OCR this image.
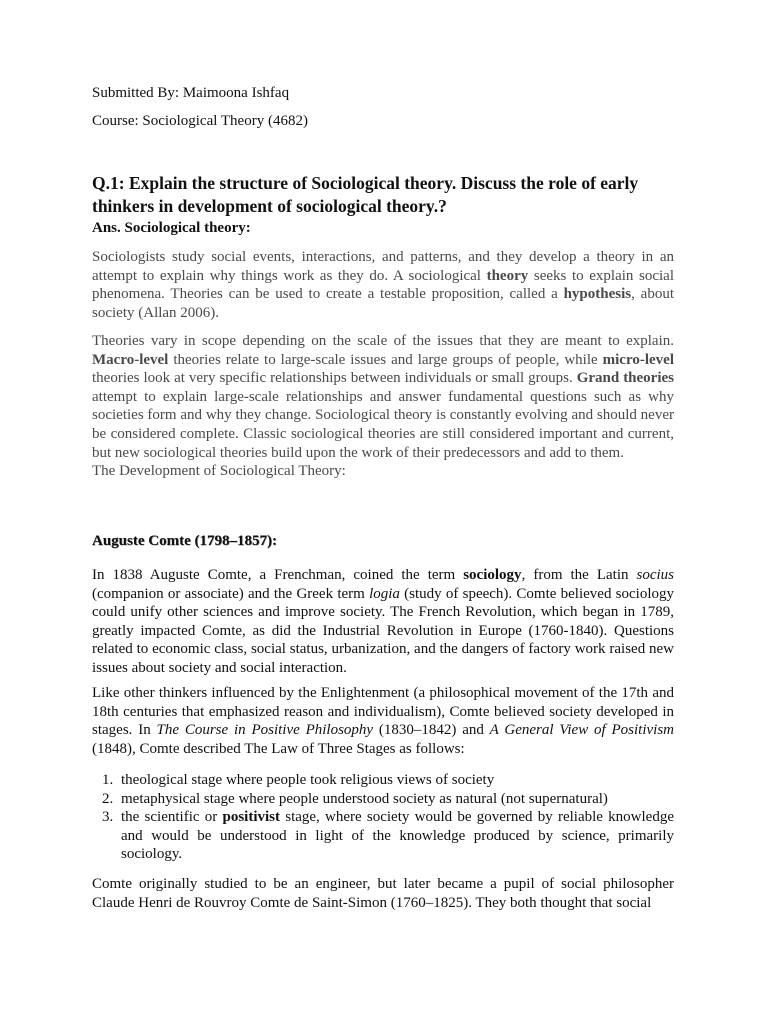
Submitted By: Maimoona Ishfaq
Course: Sociological Theory (4682)
Q.1: Explain the structure of Sociological theory. Discuss the role of early thinkers in development of sociological theory.?
Ans. Sociological theory:
Sociologists study social events, interactions, and patterns, and they develop a theory in an attempt to explain why things work as they do. A sociological theory seeks to explain social phenomena. Theories can be used to create a testable proposition, called a hypothesis, about society (Allan 2006).
Theories vary in scope depending on the scale of the issues that they are meant to explain. Macro-level theories relate to large-scale issues and large groups of people, while micro-level theories look at very specific relationships between individuals or small groups. Grand theories attempt to explain large-scale relationships and answer fundamental questions such as why societies form and why they change. Sociological theory is constantly evolving and should never be considered complete. Classic sociological theories are still considered important and current, but new sociological theories build upon the work of their predecessors and add to them.
The Development of Sociological Theory:
Auguste Comte (1798–1857):
In 1838 Auguste Comte, a Frenchman, coined the term sociology, from the Latin socius (companion or associate) and the Greek term logia (study of speech). Comte believed sociology could unify other sciences and improve society. The French Revolution, which began in 1789, greatly impacted Comte, as did the Industrial Revolution in Europe (1760-1840). Questions related to economic class, social status, urbanization, and the dangers of factory work raised new issues about society and social interaction.
Like other thinkers influenced by the Enlightenment (a philosophical movement of the 17th and 18th centuries that emphasized reason and individualism), Comte believed society developed in stages. In The Course in Positive Philosophy (1830–1842) and A General View of Positivism (1848), Comte described The Law of Three Stages as follows:
1. theological stage where people took religious views of society
2. metaphysical stage where people understood society as natural (not supernatural)
3. the scientific or positivist stage, where society would be governed by reliable knowledge and would be understood in light of the knowledge produced by science, primarily sociology.
Comte originally studied to be an engineer, but later became a pupil of social philosopher Claude Henri de Rouvroy Comte de Saint-Simon (1760–1825). They both thought that social
